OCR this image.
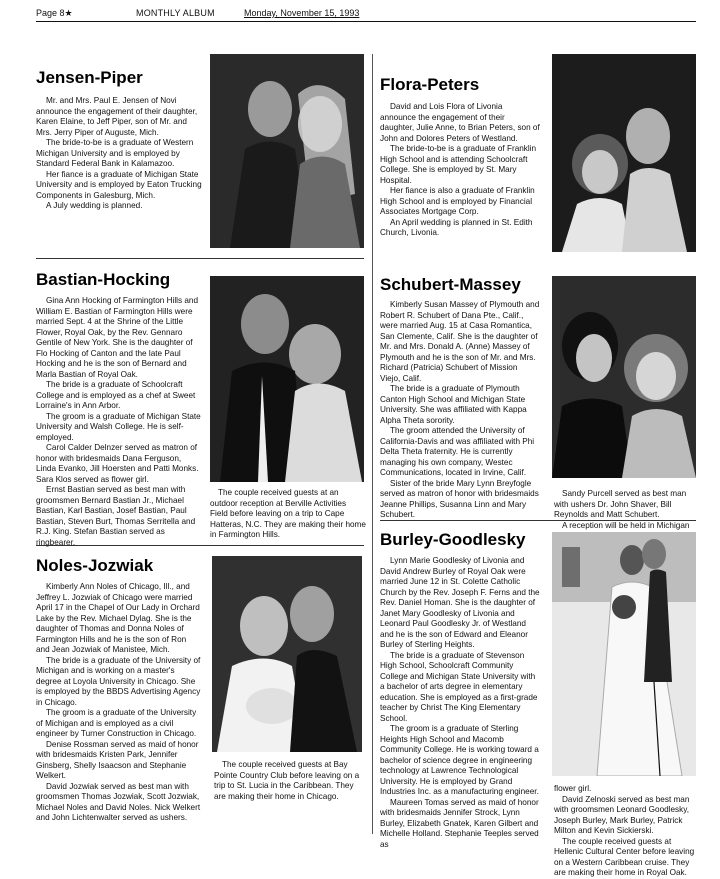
Page 8★	MONTHLY ALBUM	Monday, November 15, 1993
Jensen-Piper

Mr. and Mrs. Paul E. Jensen of Novi announce the engagement of their daughter, Karen Elaine, to Jeff Piper, son of Mr. and Mrs. Jerry Piper of Auguste, Mich.

The bride-to-be is a graduate of Western Michigan University and is employed by Standard Federal Bank in Kalamazoo.

Her fiance is a graduate of Michigan State University and is employed by Eaton Trucking Components in Galesburg, Mich.

A July wedding is planned.

Flora-Peters

David and Lois Flora of Livonia announce the engagement of their daughter, Julie Anne, to Brian Peters, son of John and Dolores Peters of Westland.

The bride-to-be is a graduate of Franklin High School and is attending Schoolcraft College. She is employed by St. Mary Hospital.

Her fiance is also a graduate of Franklin High School and is employed by Financial Associates Mortgage Corp.

An April wedding is planned in St. Edith Church, Livonia.

Bastian-Hocking

Gina Ann Hocking of Farmington Hills and William E. Bastian of Farmington Hills were married Sept. 4 at the Shrine of the Little Flower, Royal Oak, by the Rev. Gennaro Gentile of New York. She is the daughter of Flo Hocking of Canton and the late Paul Hocking and he is the son of Bernard and Marla Bastian of Royal Oak.

The bride is a graduate of Schoolcraft College and is employed as a chef at Sweet Lorraine's in Ann Arbor.

The groom is a graduate of Michigan State University and Walsh College. He is self-employed.

Carol Calder Delnzer served as matron of honor with bridesmaids Dana Ferguson, Linda Evanko, Jill Hoersten and Patti Monks. Sara Klos served as flower girl.

Ernst Bastian served as best man with groomsmen Bernard Bastian Jr., Michael Bastian, Karl Bastian, Josef Bastian, Paul Bastian, Steven Burt, Thomas Serritella and R.J. King. Stefan Bastian served as ringbearer.

The couple received guests at an outdoor reception at Berville Activities Field before leaving on a trip to Cape Hatteras, N.C. They are making their home in Farmington Hills.

Schubert-Massey

Kimberly Susan Massey of Plymouth and Robert R. Schubert of Dana Pte., Calif., were married Aug. 15 at Casa Romantica, San Clemente, Calif. She is the daughter of Mr. and Mrs. Donald A. (Anne) Massey of Plymouth and he is the son of Mr. and Mrs. Richard (Patricia) Schubert of Mission Viejo, Calif.

The bride is a graduate of Plymouth Canton High School and Michigan State University. She was affiliated with Kappa Alpha Theta sorority.

The groom attended the University of California-Davis and was affiliated with Phi Delta Theta fraternity. He is currently managing his own company, Westec Communications, located in Irvine, Calif.

Sister of the bride Mary Lynn Breyfogle served as matron of honor with bridesmaids Jeanne Phillips, Susanna Linn and Mary Schubert.

Sandy Purcell served as best man with ushers Dr. John Shaver, Bill Reynolds and Matt Schubert.

A reception will be held in Michigan

Noles-Jozwiak

Kimberly Ann Noles of Chicago, Ill., and Jeffrey L. Jozwiak of Chicago were married April 17 in the Chapel of Our Lady in Orchard Lake by the Rev. Michael Dylag. She is the daughter of Thomas and Donna Noles of Farmington Hills and he is the son of Ron and Jean Jozwiak of Manistee, Mich.

The bride is a graduate of the University of Michigan and is working on a master's degree at Loyola University in Chicago. She is employed by the BBDS Advertising Agency in Chicago.

The groom is a graduate of the University of Michigan and is employed as a civil engineer by Turner Construction in Chicago.

Denise Rossman served as maid of honor with bridesmaids Kristen Park, Jennifer Ginsberg, Shelly Isaacson and Stephanie Welkert.

David Jozwiak served as best man with groomsmen Thomas Jozwiak, Scott Jozwiak, Michael Noles and David Noles. Nick Welkert and John Lichtenwalter served as ushers.

The couple received guests at Bay Pointe Country Club before leaving on a trip to St. Lucia in the Caribbean. They are making their home in Chicago.

Burley-Goodlesky

Lynn Marie Goodlesky of Livonia and David Andrew Burley of Royal Oak were married June 12 in St. Colette Catholic Church by the Rev. Joseph F. Ferns and the Rev. Daniel Homan. She is the daughter of Janet Mary Goodlesky of Livonia and Leonard Paul Goodlesky Jr. of Westland and he is the son of Edward and Eleanor Burley of Sterling Heights.

The bride is a graduate of Stevenson High School, Schoolcraft Community College and Michigan State University with a bachelor of arts degree in elementary education. She is employed as a first-grade teacher by Christ The King Elementary School.

The groom is a graduate of Sterling Heights High School and Macomb Community College. He is working toward a bachelor of science degree in engineering technology at Lawrence Technological University. He is employed by Grand Industries Inc. as a manufacturing engineer.

Maureen Tomas served as maid of honor with bridesmaids Jennifer Strock, Lynn Burley, Elizabeth Gnatek, Karen Gilbert and Michelle Holland. Stephanie Teeples served as

flower girl.

David Zelnoski served as best man with groomsmen Leonard Goodlesky, Joseph Burley, Mark Burley, Patrick Milton and Kevin Sickierski.

The couple received guests at Hellenic Cultural Center before leaving on a Western Caribbean cruise. They are making their home in Royal Oak.
